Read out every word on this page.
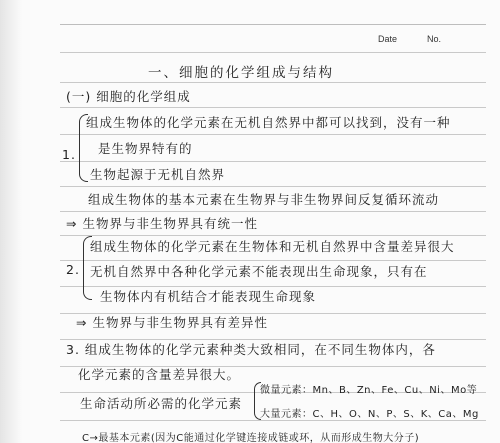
Date	No.
一、细胞的化学组成与结构
(一) 细胞的化学组成
1.
组成生物体的化学元素在无机自然界中都可以找到，没有一种
是生物界特有的
生物起源于无机自然界
组成生物体的基本元素在生物界与非生物界间反复循环流动
⇒ 生物界与非生物界具有统一性
2.
组成生物体的化学元素在生物体和无机自然界中含量差异很大
无机自然界中各种化学元素不能表现出生命现象，只有在
生物体内有机结合才能表现生命现象
⇒ 生物界与非生物界具有差异性
3. 组成生物体的化学元素种类大致相同，在不同生物体内，各
化学元素的含量差异很大。
生命活动所必需的化学元素
微量元素：Mn、B、Zn、Fe、Cu、Ni、Mo等
大量元素：C、H、O、N、P、S、K、Ca、Mg
C→最基本元素(因为C能通过化学键连接成链或环，从而形成生物大分子)
